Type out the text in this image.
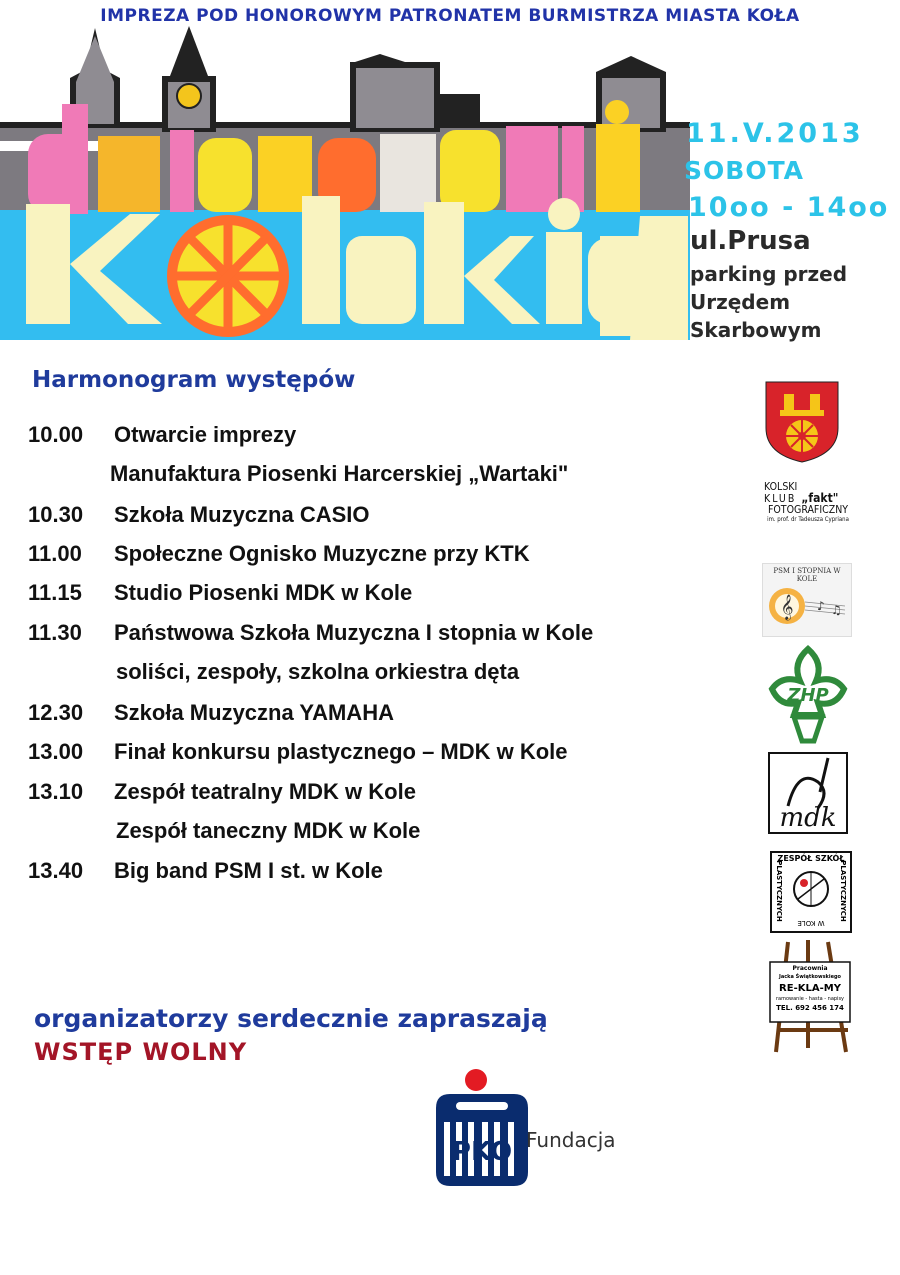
IMPREZA POD HONOROWYM PATRONATEM BURMISTRZA MIASTA KOŁA
11.V.2013
SOBOTA
10oo - 14oo
ul.Prusa
parking przed
Urzędem
Skarbowym
Harmonogram występów
10.00 Otwarcie imprezy
Manufaktura Piosenki Harcerskiej „Wartaki"
10.30 Szkoła Muzyczna CASIO
11.00 Społeczne Ognisko Muzyczne przy KTK
11.15 Studio Piosenki MDK w Kole
11.30 Państwowa Szkoła Muzyczna I stopnia w Kole
soliści, zespoły, szkolna orkiestra dęta
12.30 Szkoła Muzyczna YAMAHA
13.00 Finał konkursu plastycznego – MDK w Kole
13.10 Zespół teatralny MDK w Kole
Zespół taneczny MDK w Kole
13.40 Big band PSM I st. w Kole
organizatorzy serdecznie zapraszają
WSTĘP WOLNY
PKO Fundacja
KOLSKI
KLUB „fakt"
FOTOGRAFICZNY
im. prof. dr Tadeusza Cypriana
PSM I STOPNIA W KOLE
𝄞 ♪ ♫
ZHP
mdk
ZESPÓŁ SZKÓŁ
PLASTYCZNYCH	PLASTYCZNYCH
W KOLE
Pracownia
Jacka Świątkowskiego
RE-KLA-MY
ramowanie - hasta - napisy
TEL. 692 456 174
